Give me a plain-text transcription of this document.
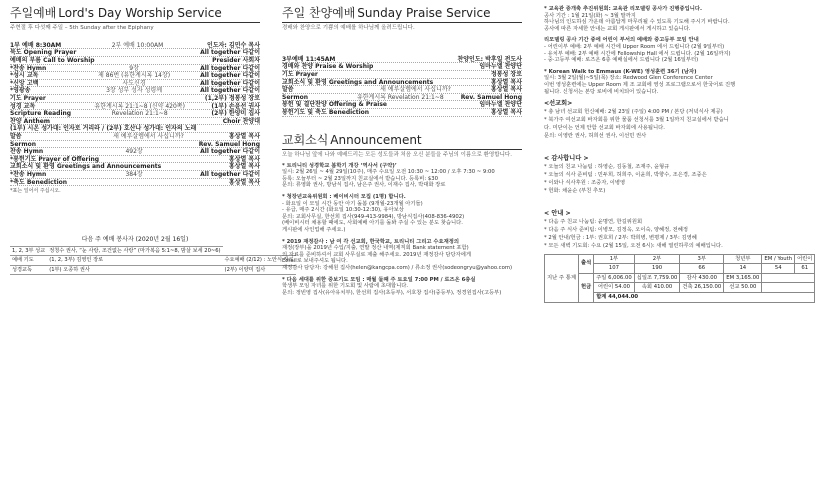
주일예배 Lord's Day Worship Service
주현절 후 다섯째 주일 – 5th Sunday after the Epiphany
1부 예배 8:30AM	2부 예배 10:00AM	인도자: 김민수 목사
묵도 Opening Prayer	All together 다같이
예배의 부름 Call to Worship	Presider 사회자
*찬송 Hymn	9장	All together 다같이
*성시 교독	제 86번 (유한계시록 14장)	All together 다같이
*신앙 고백	사도신경	All together 다같이
*영광송	3장 성부 성자 성령께	All together 다같이
기도 Prayer	(1,2부) 정봉성 장로
성경 교독	유한계시록 21:1~8 (신약 420쪽)	(1부) 손윤선 권사
Scripture Reading	Revelation 21:1~8	(2부) 한양미 집사
찬양 Anthem	Choir 찬양대
(1부) 시온 성가대: 인자로 거리라 / (2부) 호산나 성가대: 인자의 노래
말씀	새 예루살렘에서 사십니까?	홍상열 목사
Sermon	Rev. Samuel Hong
찬송 Hymn	492장	All together 다같이
*봉헌기도 Prayer of Offering	홍상열 목사
교회소식 및 환영 Greetings and Announcements	홍상열 목사
*찬송 Hymn	384장	All together 다같이
*축도 Benediction	홍상열 목사
*표는 일어서 주십시오.
다음 주 예배 봉사자 (2020년 2월 16일)
1, 2, 3부 성교	정쳥수 권사, “눈 사랑, 조건없는 사랑” (마가복음 5:1~8, 밤살 보세 20~6)	
예배 기도	(1, 2, 3부) 김영인 장로	수요예배 (2/12) : 노안식 장로
성경교독	(1부) 오종하 권사	(2부) 이양미 집사
주일 찬양예배 Sunday Praise Service
경배와 찬양으로 기쁨의 예배를 하나님께 올려드립니다.
3부예배 11:45AM	찬양인도: 박후일 전도사
경배와 찬양 Praise & Worship	임마누엘 찬양단
기도 Prayer	정봉성 장로
교회소식 및 환영 Greetings and Announcements	홍상열 목사
말씀	새 예루살렘에서 사십니까?	홍상열 목사
Sermon	유한계시록 Revelation 21:1~8	Rev. Samuel Hong
봉헌 및 결단찬양 Offering & Praise	임마누엘 찬양단
봉헌기도 및 축도 Benediction	홍상열 목사
교회소식 Announcement
오늘 하나님 앞에 나와 예배드리는 모든 성도들과 처음 오신 분들을 주님의 이름으로 환영합니다.
* 트리니티 성경학교 봄학기 개강 ‘역사서 (구약)’
일시: 2월 26일 ~ 4월 29일(10주), 매주 수요일 오전 10:30 ~ 12:00 / 오후 7:30 ~ 9:00
등록: 오늘부터 ~ 2월 23일까지 친교실에서 받습니다. 등록비: $30
문의: 류영화 권사, 방남식 집사, 남은주 권사, 이재수 집사, 박대화 장로
* 청장년교육위원회 : 베이비시터 모집 (1명) 합니다.
- 화요일 이 모일 시간 동안 아기 돌봄 (9개월-23개월 아기들)
- 유급, 매주 2시간 (화요일 10:30-12:30), 유아보상
문의: 교회사무실, 한선희 집사(949-413-9984), 방남식집사(408-836-4902)
(베이비시터 채용할 때에도, 사회예배 아기를 돌봐 주실 수 있는 분도 찾습니다.
게시판에 사인업해 주세요.)
* 2019 재정감사 : 남 여 각 선교회, 한국학교, 트리니티 그리고 수요재정의
재정(장부)을 2019년 수입/지출, 연말 정산 내역(제직회 Bank statement 포함)
의 자료를 준비하셔서 교회 사무실로 제출 해주세요. 2019년 재정감사 담당자에게
Email로 보내주셔도 됩니다.
재정감사 담당자: 강해원 집사(helen@kangcpa.com) / 류소정 권사(sodeongryu@yahoo.com)
* 다음 세대를 위한 중보기도 모임 : 매월 둘째 주 토요일 7:00 PM / 로즈온 6층실
학생부 모임 자녀를 위한 기도회 및 사람에 초대합니다.
문의: 정빈영 집사(유아유치부), 한선희 집사(초등부), 서호창 집사(중등부), 정경원집사(고등부)
* 교육관 증개축 추진위원회: 교육관 리모델링 공사가 진행중입니다.
공사 기간 : 1월 21일(화) ~ 3월 말까지
하나님의 인도하심 가운데 아름답게 마무리될 수 있도록 기도해 주시기 바랍니다.
공사에 따른 자세한 안내는 교회 게시판에서 게시하고 있습니다.
리모델링 공사 기간 중에 어린이 부서의 예배와 중고등부 모임 안내
- 어린이부 예배: 2부 예배 시간에 Upper Room 에서 드립니다 (2월 9일부터)
- 유치부 예배: 2부 예배 시간에 Fellowship Hall 에서 드립니다. (2월 16일까지)
- 중·고등부 예배: 로즈온 6층 예배실에서 드립니다 (2월 16일부터)
* Korean Walk to Emmaus (K-WE) 영성훈련 36기 (남자)
일시: 3월 2일(월)~5일(목) 장소: Redwood Glen Conference Center
이번 영성훈련에는 Upper Room 제 조 교회에 영성 프로그램으로서 한국어로 진행
됩니다. 신청서는 본당 로비에 비치되어 있습니다.
<선교회>
* 총 남녀 선교회 헌신예배: 2월 23일 (주일) 4:00 PM / 본당 (저녁식사 제공)
* 북가주 여선교회 바자회를 위한 물품 선청서를 3월 1일까지 친교실에서 받습니
다. 미닫이는 언제 안함 선교회 바자회에 사용됩니다.
문의: 이영란 권사, 허희선 권사, 이선민 권사
< 감사합니다 >
* 오늘의 친교 나눔팀 : 하영순, 김동철, 조재주, 윤형규
* 오늘의 식사 준비팀 : 민두희, 허희주, 이윤희, 박향수, 조은경, 조중은
* 이와나 식사후원 : 조중자, 이병영
* 헌화: 채윤순 (부친 추모)
< 안내 >
* 다음 주 친교 나눔팀: 윤명연, 한길위원회
* 다음 주 식사 준비팀: 이병모, 김정옥, 오이숙, 양혜정, 전혜정
* 2월 안내/헌금 : 1부: 권호희 / 2부: 박희병, 변평제 / 3부: 김영혜
* 모든 새벽 기도회: 수요 (2월 15일, 오전 6시): 새해 열린하루의 예배입니다.
지난 주 통계	출석	1부	2부	3부	청년부	EM / Youth	어린이
		107	190	66	14	54	61
	헌금	주일 6,006.00	십일조 7,759.00	감사 430.00	EM 3,165.00		
		어린이 54.00	속회 410.00	건축 26,150.00	선교 50.00		
		합계 44,044.00					
